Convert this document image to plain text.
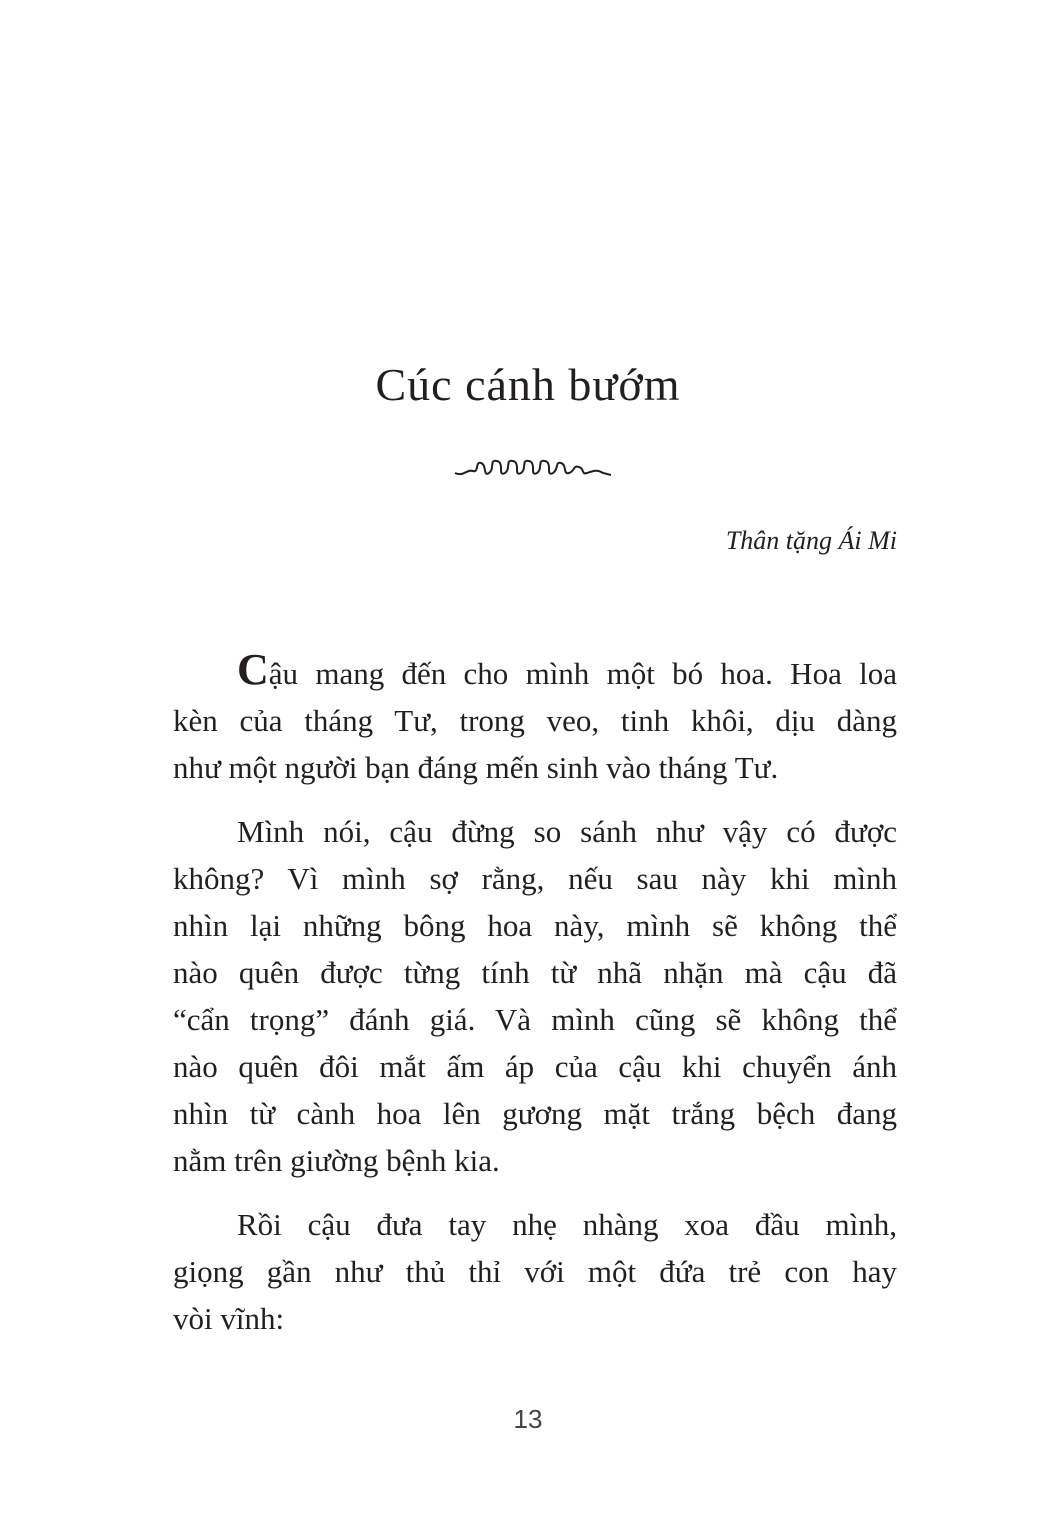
Cúc cánh bướm
Thân tặng Ái Mi
Cậu mang đến cho mình một bó hoa. Hoa loa
kèn của tháng Tư, trong veo, tinh khôi, dịu dàng
như một người bạn đáng mến sinh vào tháng Tư.
Mình nói, cậu đừng so sánh như vậy có được
không? Vì mình sợ rằng, nếu sau này khi mình
nhìn lại những bông hoa này, mình sẽ không thể
nào quên được từng tính từ nhã nhặn mà cậu đã
“cẩn trọng” đánh giá. Và mình cũng sẽ không thể
nào quên đôi mắt ấm áp của cậu khi chuyển ánh
nhìn từ cành hoa lên gương mặt trắng bệch đang
nằm trên giường bệnh kia.
Rồi cậu đưa tay nhẹ nhàng xoa đầu mình,
giọng gần như thủ thỉ với một đứa trẻ con hay
vòi vĩnh:
13
